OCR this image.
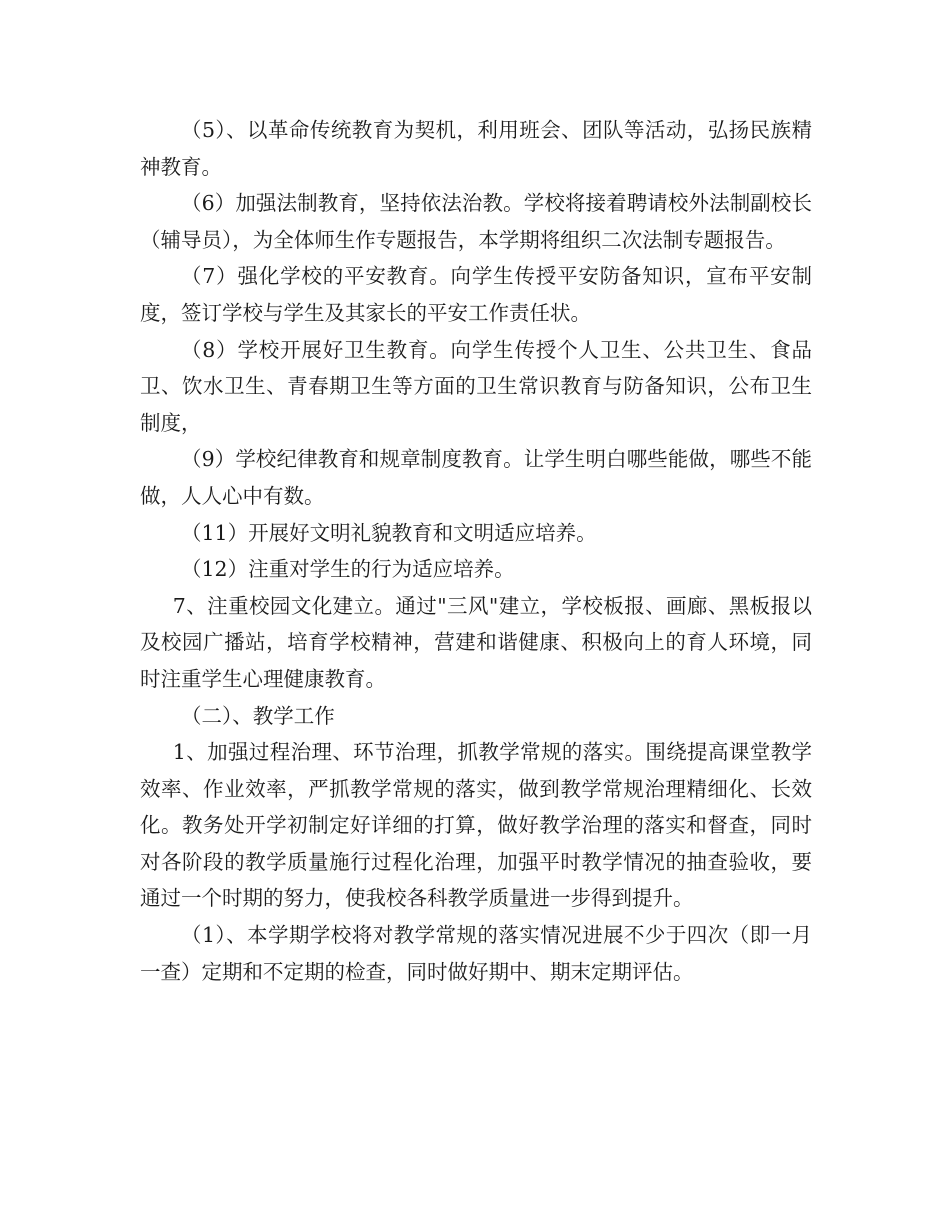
（5）、以革命传统教育为契机，利用班会、团队等活动，弘扬民族精神教育。

（6）加强法制教育，坚持依法治教。学校将接着聘请校外法制副校长（辅导员），为全体师生作专题报告，本学期将组织二次法制专题报告。

（7）强化学校的平安教育。向学生传授平安防备知识，宣布平安制度，签订学校与学生及其家长的平安工作责任状。

（8）学校开展好卫生教育。向学生传授个人卫生、公共卫生、食品卫、饮水卫生、青春期卫生等方面的卫生常识教育与防备知识，公布卫生制度，

（9）学校纪律教育和规章制度教育。让学生明白哪些能做，哪些不能做，人人心中有数。

（11）开展好文明礼貌教育和文明适应培养。

（12）注重对学生的行为适应培养。

7、注重校园文化建立。通过"三风"建立，学校板报、画廊、黑板报以及校园广播站，培育学校精神，营建和谐健康、积极向上的育人环境，同时注重学生心理健康教育。

（二）、教学工作

1、加强过程治理、环节治理，抓教学常规的落实。围绕提高课堂教学效率、作业效率，严抓教学常规的落实，做到教学常规治理精细化、长效化。教务处开学初制定好详细的打算，做好教学治理的落实和督查，同时对各阶段的教学质量施行过程化治理，加强平时教学情况的抽查验收，要通过一个时期的努力，使我校各科教学质量进一步得到提升。

（1）、本学期学校将对教学常规的落实情况进展不少于四次（即一月一查）定期和不定期的检查，同时做好期中、期末定期评估。
